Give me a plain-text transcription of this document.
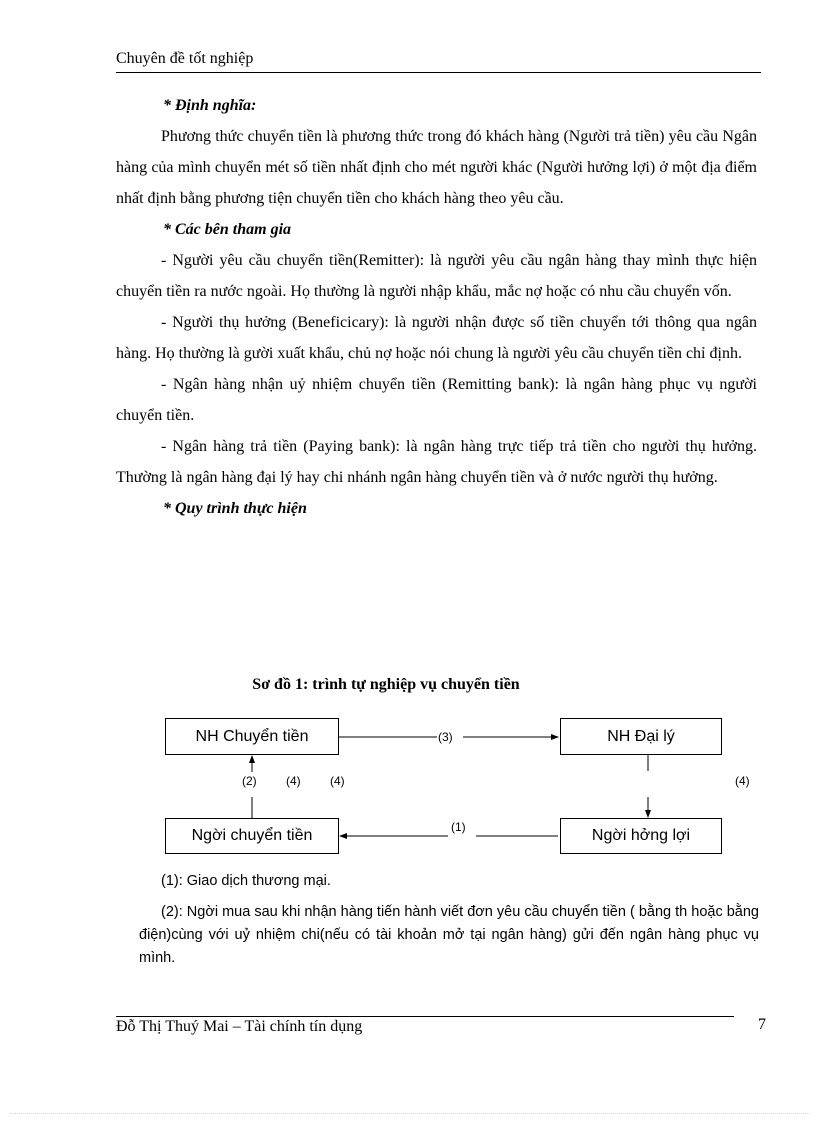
Chuyên đề tốt nghiệp

* Định nghĩa:

Phương thức chuyển tiền là phương thức trong đó khách hàng (Người trả tiền) yêu cầu Ngân hàng của mình chuyển mét số tiền nhất định cho mét người khác (Người hưởng lợi) ở một địa điểm nhất định bằng phương tiện chuyển tiền cho khách hàng theo yêu cầu.

* Các bên tham gia

- Người yêu cầu chuyển tiền(Remitter): là người yêu cầu ngân hàng thay mình thực hiện chuyển tiền ra nước ngoài. Họ thường là người nhập khẩu, mắc nợ hoặc có nhu cầu chuyển vốn.

- Người thụ hưởng (Beneficicary): là người nhận được số tiền chuyển tới thông qua ngân hàng. Họ thường là gười xuất khẩu, chủ nợ hoặc nói chung là người yêu cầu chuyển tiền chỉ định.

- Ngân hàng nhận uỷ nhiệm chuyển tiền (Remitting bank): là ngân hàng phục vụ người chuyển tiền.

- Ngân hàng trả tiền (Paying bank): là ngân hàng trực tiếp trả tiền cho người thụ hưởng. Thường là ngân hàng đại lý hay chi nhánh ngân hàng chuyển tiền và ở nước người thụ hưởng.

* Quy trình thực hiện

Sơ đồ 1: trình tự nghiệp vụ chuyển tiền
NH Chuyển tiền	NH Đại lý
Ngời chuyển tiền	Ngời hởng lợi
(3)
(2) (4) (4)	(4)
(1)

(1): Giao dịch thương mại.

(2): Ngời mua sau khi nhận hàng tiến hành viết đơn yêu cầu chuyển tiền ( bằng th hoặc bằng điện)cùng với uỷ nhiệm chi(nếu có tài khoản mở tại ngân hàng) gửi đến ngân hàng phục vụ mình.

Đỗ Thị Thuý Mai – Tài chính tín dụng	7
